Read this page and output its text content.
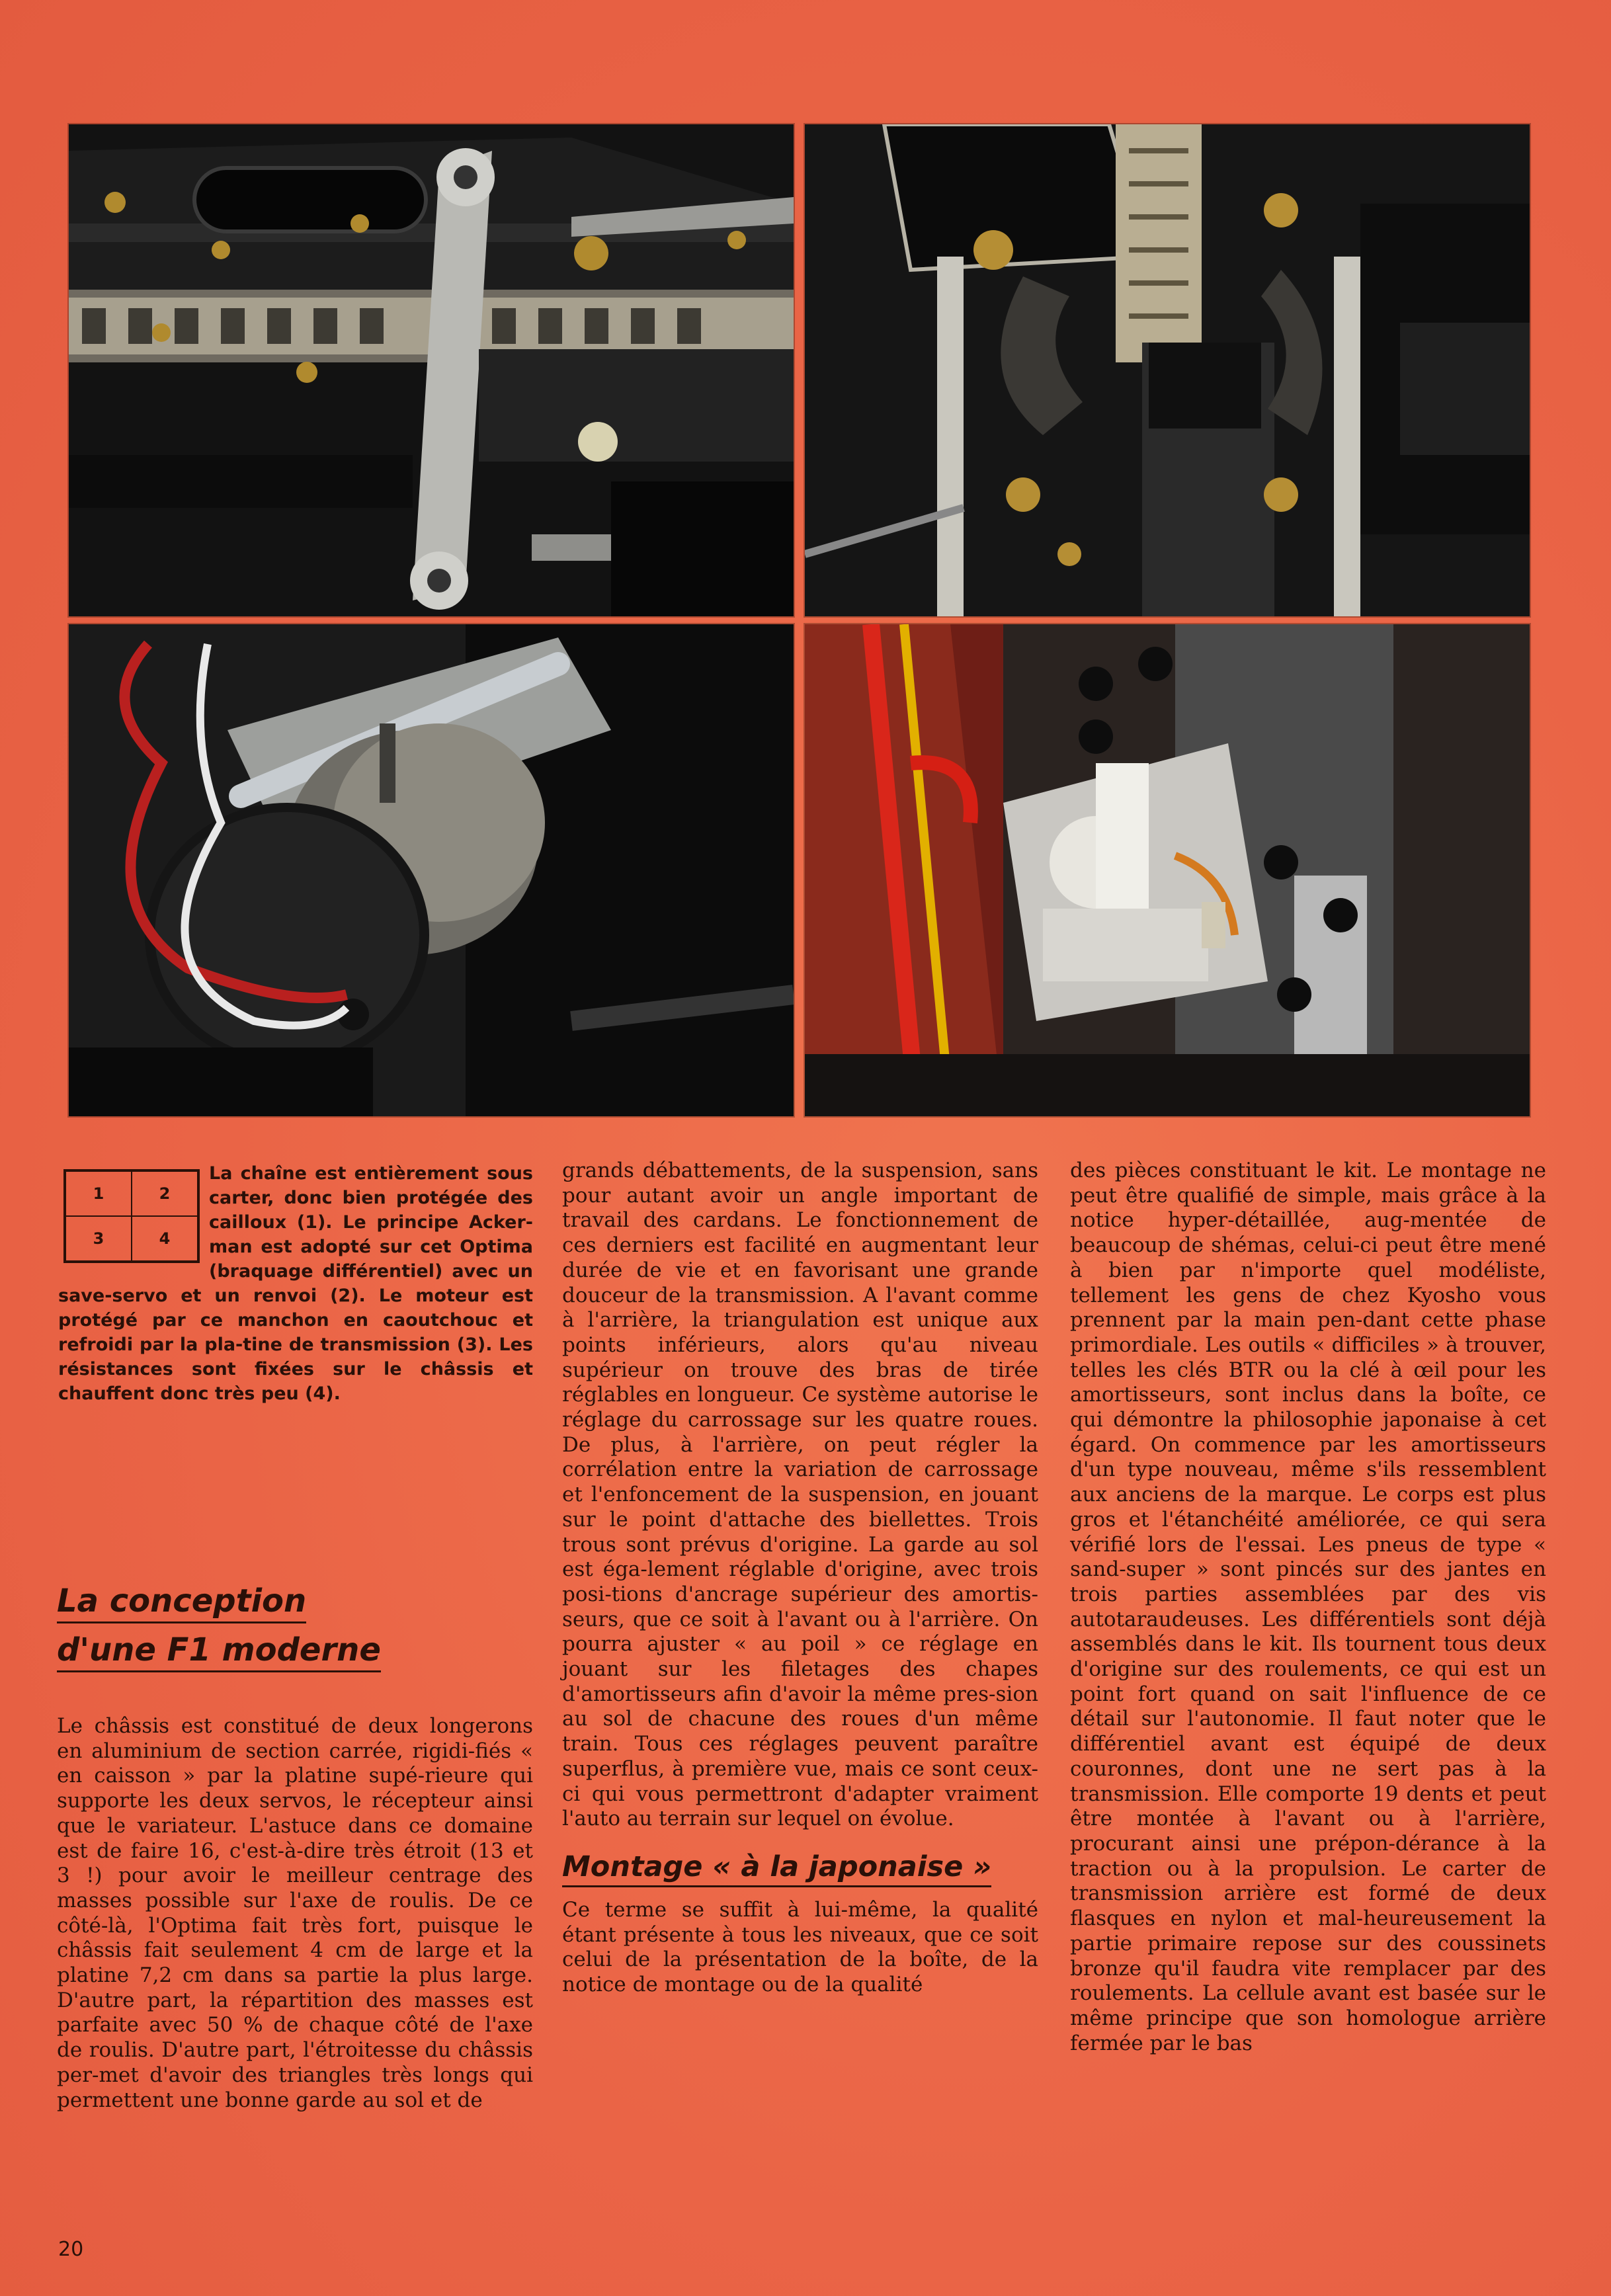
1	2
3	4

La chaîne est entièrement sous carter, donc bien protégée des cailloux (1). Le principe Acker-man est adopté sur cet Optima (braquage différentiel) avec un save-servo et un renvoi (2). Le moteur est protégé par ce manchon en caoutchouc et refroidi par la pla-tine de transmission (3). Les résistances sont fixées sur le châssis et chauffent donc très peu (4).

La conception
d'une F1 moderne

Le châssis est constitué de deux longerons en aluminium de section carrée, rigidi-fiés « en caisson » par la platine supé-rieure qui supporte les deux servos, le récepteur ainsi que le variateur. L'astuce dans ce domaine est de faire 16, c'est-à-dire très étroit (13 et 3 !) pour avoir le meilleur centrage des masses possible sur l'axe de roulis. De ce côté-là, l'Optima fait très fort, puisque le châssis fait seulement 4 cm de large et la platine 7,2 cm dans sa partie la plus large. D'autre part, la répartition des masses est parfaite avec 50 % de chaque côté de l'axe de roulis. D'autre part, l'étroitesse du châssis per-met d'avoir des triangles très longs qui permettent une bonne garde au sol et de

grands débattements, de la suspension, sans pour autant avoir un angle important de travail des cardans. Le fonctionnement de ces derniers est facilité en augmentant leur durée de vie et en favorisant une grande douceur de la transmission. A l'avant comme à l'arrière, la triangulation est unique aux points inférieurs, alors qu'au niveau supérieur on trouve des bras de tirée réglables en longueur. Ce système autorise le réglage du carrossage sur les quatre roues. De plus, à l'arrière, on peut régler la corrélation entre la variation de carrossage et l'enfoncement de la suspension, en jouant sur le point d'attache des biellettes. Trois trous sont prévus d'origine. La garde au sol est éga-lement réglable d'origine, avec trois posi-tions d'ancrage supérieur des amortis-seurs, que ce soit à l'avant ou à l'arrière. On pourra ajuster « au poil » ce réglage en jouant sur les filetages des chapes d'amortisseurs afin d'avoir la même pres-sion au sol de chacune des roues d'un même train. Tous ces réglages peuvent paraître superflus, à première vue, mais ce sont ceux-ci qui vous permettront d'adapter vraiment l'auto au terrain sur lequel on évolue.

Montage « à la japonaise »

Ce terme se suffit à lui-même, la qualité étant présente à tous les niveaux, que ce soit celui de la présentation de la boîte, de la notice de montage ou de la qualité

des pièces constituant le kit. Le montage ne peut être qualifié de simple, mais grâce à la notice hyper-détaillée, aug-mentée de beaucoup de shémas, celui-ci peut être mené à bien par n'importe quel modéliste, tellement les gens de chez Kyosho vous prennent par la main pen-dant cette phase primordiale. Les outils « difficiles » à trouver, telles les clés BTR ou la clé à œil pour les amortisseurs, sont inclus dans la boîte, ce qui démontre la philosophie japonaise à cet égard. On commence par les amortisseurs d'un type nouveau, même s'ils ressemblent aux anciens de la marque. Le corps est plus gros et l'étanchéité améliorée, ce qui sera vérifié lors de l'essai. Les pneus de type « sand-super » sont pincés sur des jantes en trois parties assemblées par des vis autotaraudeuses. Les différentiels sont déjà assemblés dans le kit. Ils tournent tous deux d'origine sur des roulements, ce qui est un point fort quand on sait l'influence de ce détail sur l'autonomie. Il faut noter que le différentiel avant est équipé de deux couronnes, dont une ne sert pas à la transmission. Elle comporte 19 dents et peut être montée à l'avant ou à l'arrière, procurant ainsi une prépon-dérance à la traction ou à la propulsion. Le carter de transmission arrière est formé de deux flasques en nylon et mal-heureusement la partie primaire repose sur des coussinets bronze qu'il faudra vite remplacer par des roulements. La cellule avant est basée sur le même principe que son homologue arrière fermée par le bas

20
